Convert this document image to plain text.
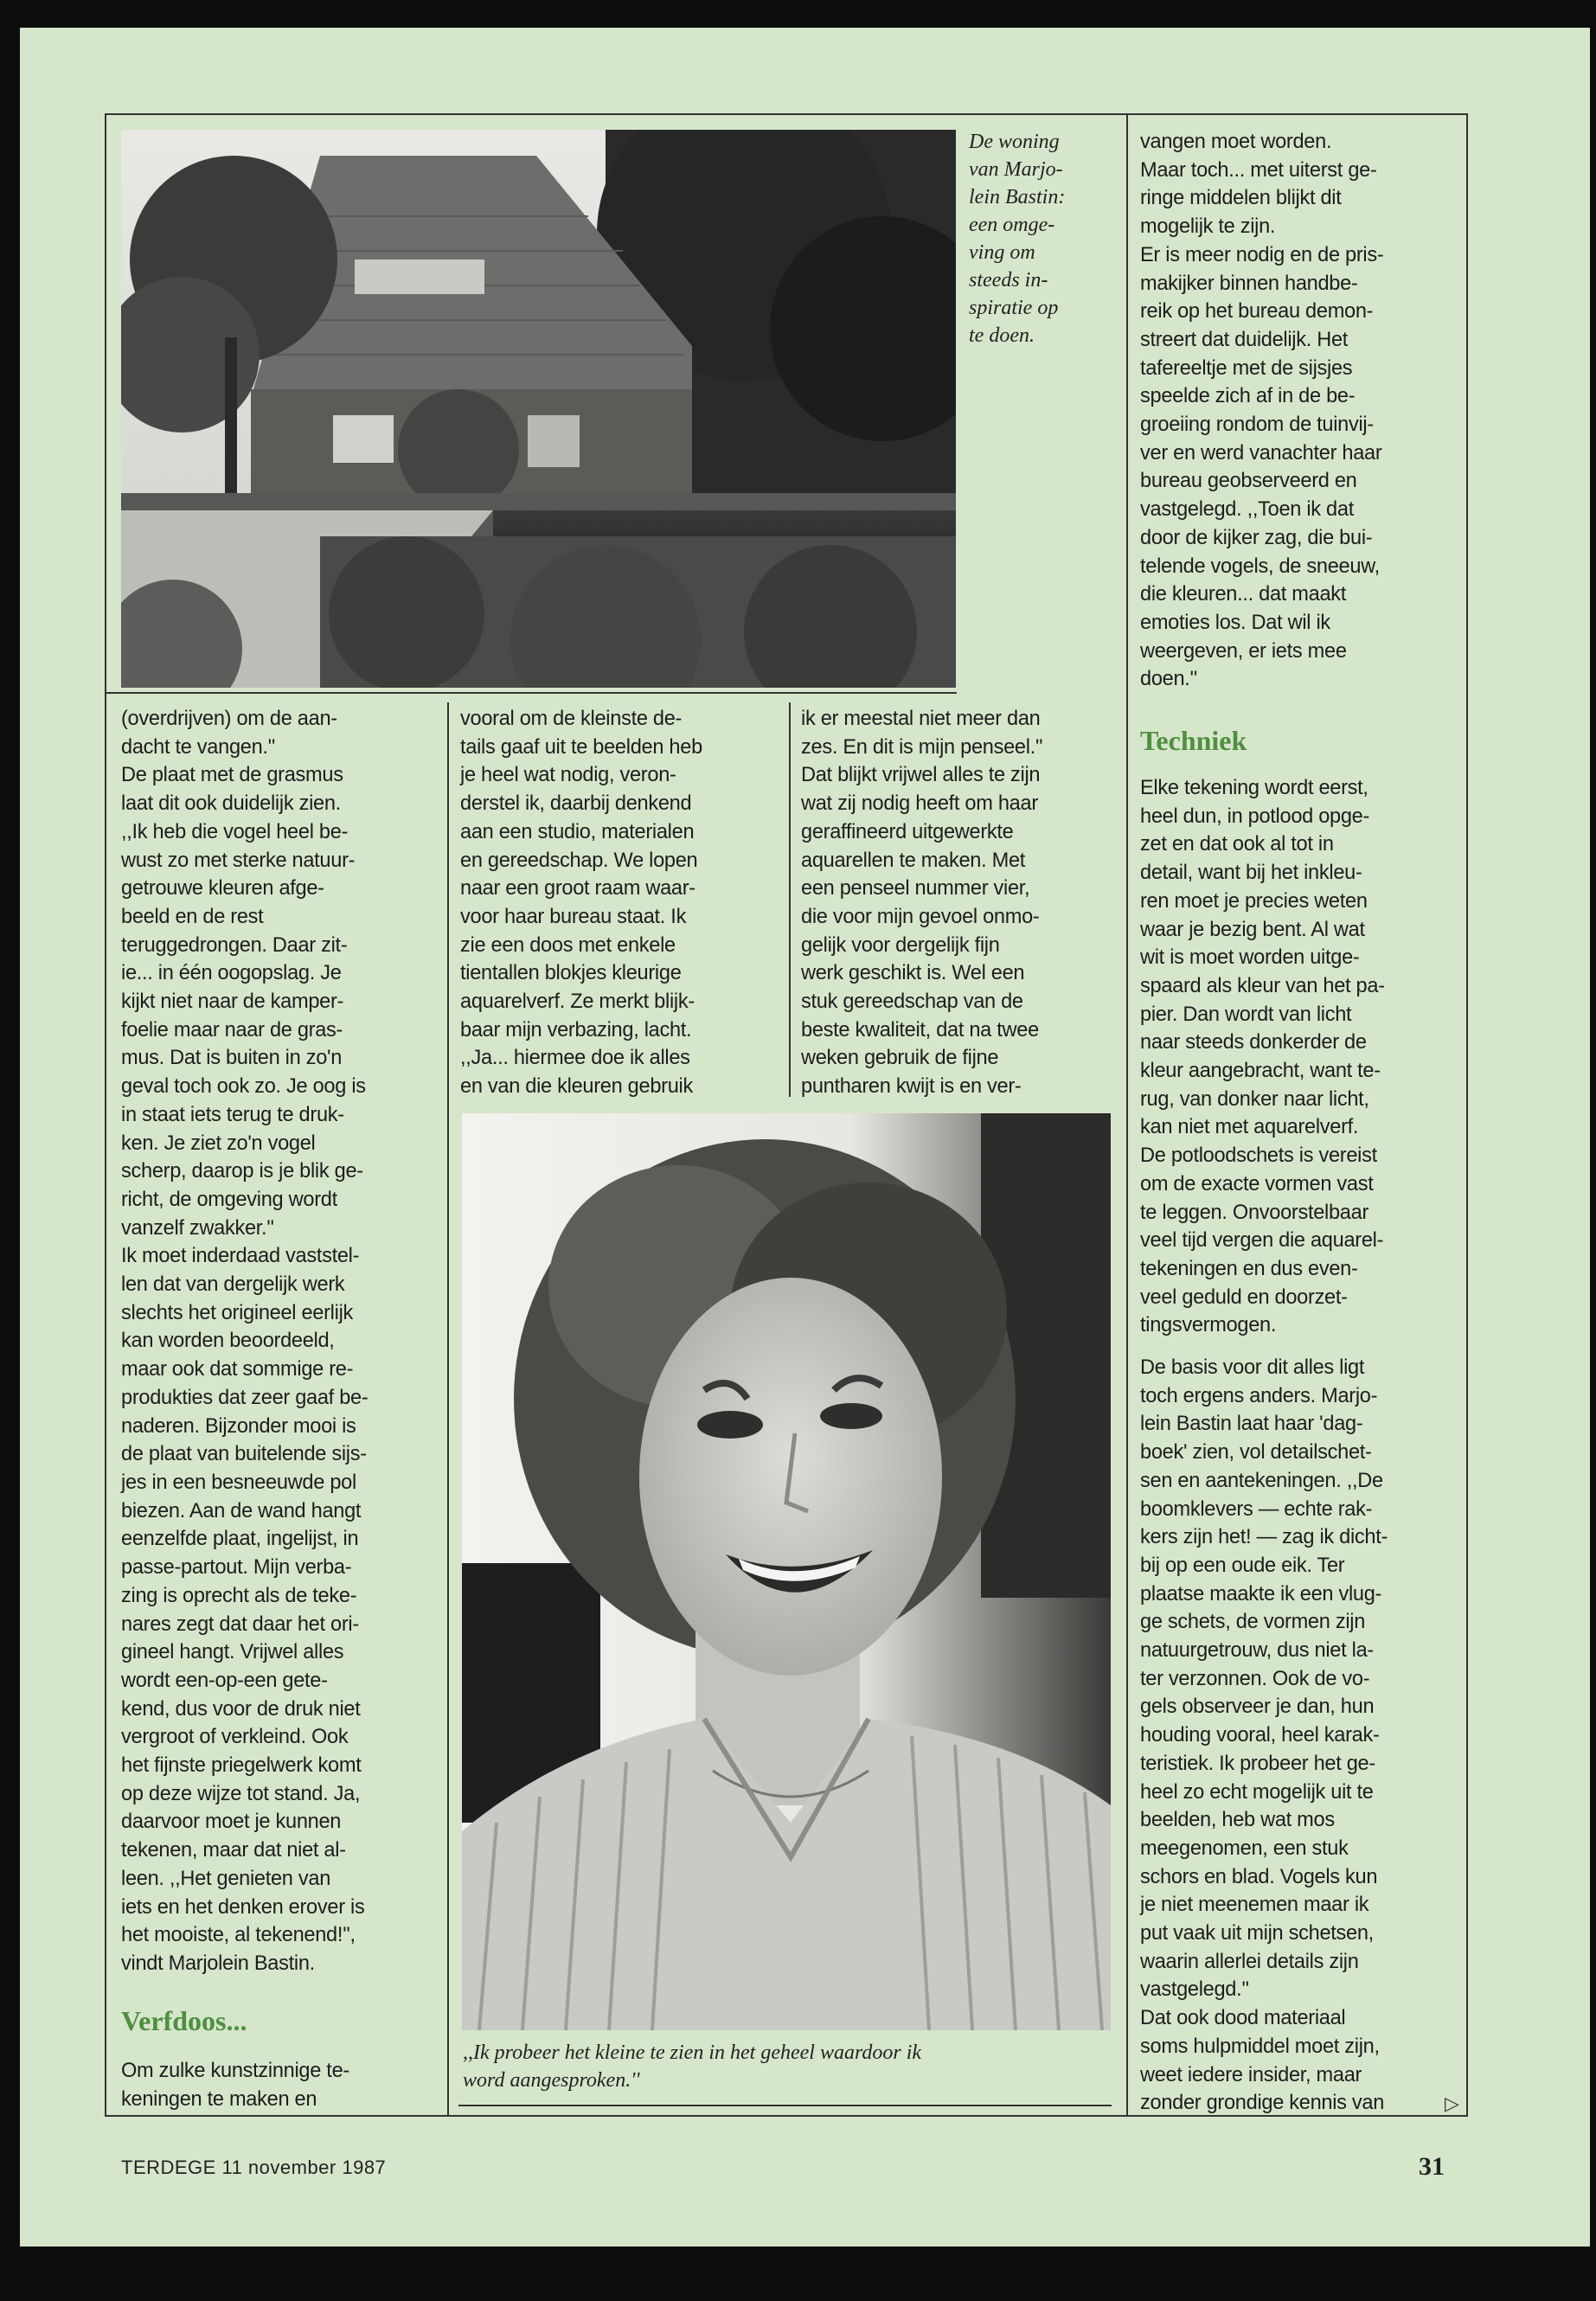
De woning
van Marjo-
lein Bastin:
een omge-
ving om
steeds in-
spiratie op
te doen.
(overdrijven) om de aan-
dacht te vangen.''
De plaat met de grasmus
laat dit ook duidelijk zien.
,,Ik heb die vogel heel be-
wust zo met sterke natuur-
getrouwe kleuren afge-
beeld en de rest
teruggedrongen. Daar zit-
ie... in één oogopslag. Je
kijkt niet naar de kamper-
foelie maar naar de gras-
mus. Dat is buiten in zo'n
geval toch ook zo. Je oog is
in staat iets terug te druk-
ken. Je ziet zo'n vogel
scherp, daarop is je blik ge-
richt, de omgeving wordt
vanzelf zwakker.''
Ik moet inderdaad vaststel-
len dat van dergelijk werk
slechts het origineel eerlijk
kan worden beoordeeld,
maar ook dat sommige re-
produkties dat zeer gaaf be-
naderen. Bijzonder mooi is
de plaat van buitelende sijs-
jes in een besneeuwde pol
biezen. Aan de wand hangt
eenzelfde plaat, ingelijst, in
passe-partout. Mijn verba-
zing is oprecht als de teke-
nares zegt dat daar het ori-
gineel hangt. Vrijwel alles
wordt een-op-een gete-
kend, dus voor de druk niet
vergroot of verkleind. Ook
het fijnste priegelwerk komt
op deze wijze tot stand. Ja,
daarvoor moet je kunnen
tekenen, maar dat niet al-
leen. ,,Het genieten van
iets en het denken erover is
het mooiste, al tekenend!'',
vindt Marjolein Bastin.
Verfdoos...
Om zulke kunstzinnige te-
keningen te maken en
vooral om de kleinste de-
tails gaaf uit te beelden heb
je heel wat nodig, veron-
derstel ik, daarbij denkend
aan een studio, materialen
en gereedschap. We lopen
naar een groot raam waar-
voor haar bureau staat. Ik
zie een doos met enkele
tientallen blokjes kleurige
aquarelverf. Ze merkt blijk-
baar mijn verbazing, lacht.
,,Ja... hiermee doe ik alles
en van die kleuren gebruik
ik er meestal niet meer dan
zes. En dit is mijn penseel.''
Dat blijkt vrijwel alles te zijn
wat zij nodig heeft om haar
geraffineerd uitgewerkte
aquarellen te maken. Met
een penseel nummer vier,
die voor mijn gevoel onmo-
gelijk voor dergelijk fijn
werk geschikt is. Wel een
stuk gereedschap van de
beste kwaliteit, dat na twee
weken gebruik de fijne
puntharen kwijt is en ver-
,,Ik probeer het kleine te zien in het geheel waardoor ik
word aangesproken.''
vangen moet worden.
Maar toch... met uiterst ge-
ringe middelen blijkt dit
mogelijk te zijn.
Er is meer nodig en de pris-
makijker binnen handbe-
reik op het bureau demon-
streert dat duidelijk. Het
tafereeltje met de sijsjes
speelde zich af in de be-
groeiing rondom de tuinvij-
ver en werd vanachter haar
bureau geobserveerd en
vastgelegd. ,,Toen ik dat
door de kijker zag, die bui-
telende vogels, de sneeuw,
die kleuren... dat maakt
emoties los. Dat wil ik
weergeven, er iets mee
doen.''
Techniek
Elke tekening wordt eerst,
heel dun, in potlood opge-
zet en dat ook al tot in
detail, want bij het inkleu-
ren moet je precies weten
waar je bezig bent. Al wat
wit is moet worden uitge-
spaard als kleur van het pa-
pier. Dan wordt van licht
naar steeds donkerder de
kleur aangebracht, want te-
rug, van donker naar licht,
kan niet met aquarelverf.
De potloodschets is vereist
om de exacte vormen vast
te leggen. Onvoorstelbaar
veel tijd vergen die aquarel-
tekeningen en dus even-
veel geduld en doorzet-
tingsvermogen.
De basis voor dit alles ligt
toch ergens anders. Marjo-
lein Bastin laat haar 'dag-
boek' zien, vol detailschet-
sen en aantekeningen. ,,De
boomklevers — echte rak-
kers zijn het! — zag ik dicht-
bij op een oude eik. Ter
plaatse maakte ik een vlug-
ge schets, de vormen zijn
natuurgetrouw, dus niet la-
ter verzonnen. Ook de vo-
gels observeer je dan, hun
houding vooral, heel karak-
teristiek. Ik probeer het ge-
heel zo echt mogelijk uit te
beelden, heb wat mos
meegenomen, een stuk
schors en blad. Vogels kun
je niet meenemen maar ik
put vaak uit mijn schetsen,
waarin allerlei details zijn
vastgelegd.''
Dat ook dood materiaal
soms hulpmiddel moet zijn,
weet iedere insider, maar
zonder grondige kennis van	▷
TERDEGE 11 november 1987	31
